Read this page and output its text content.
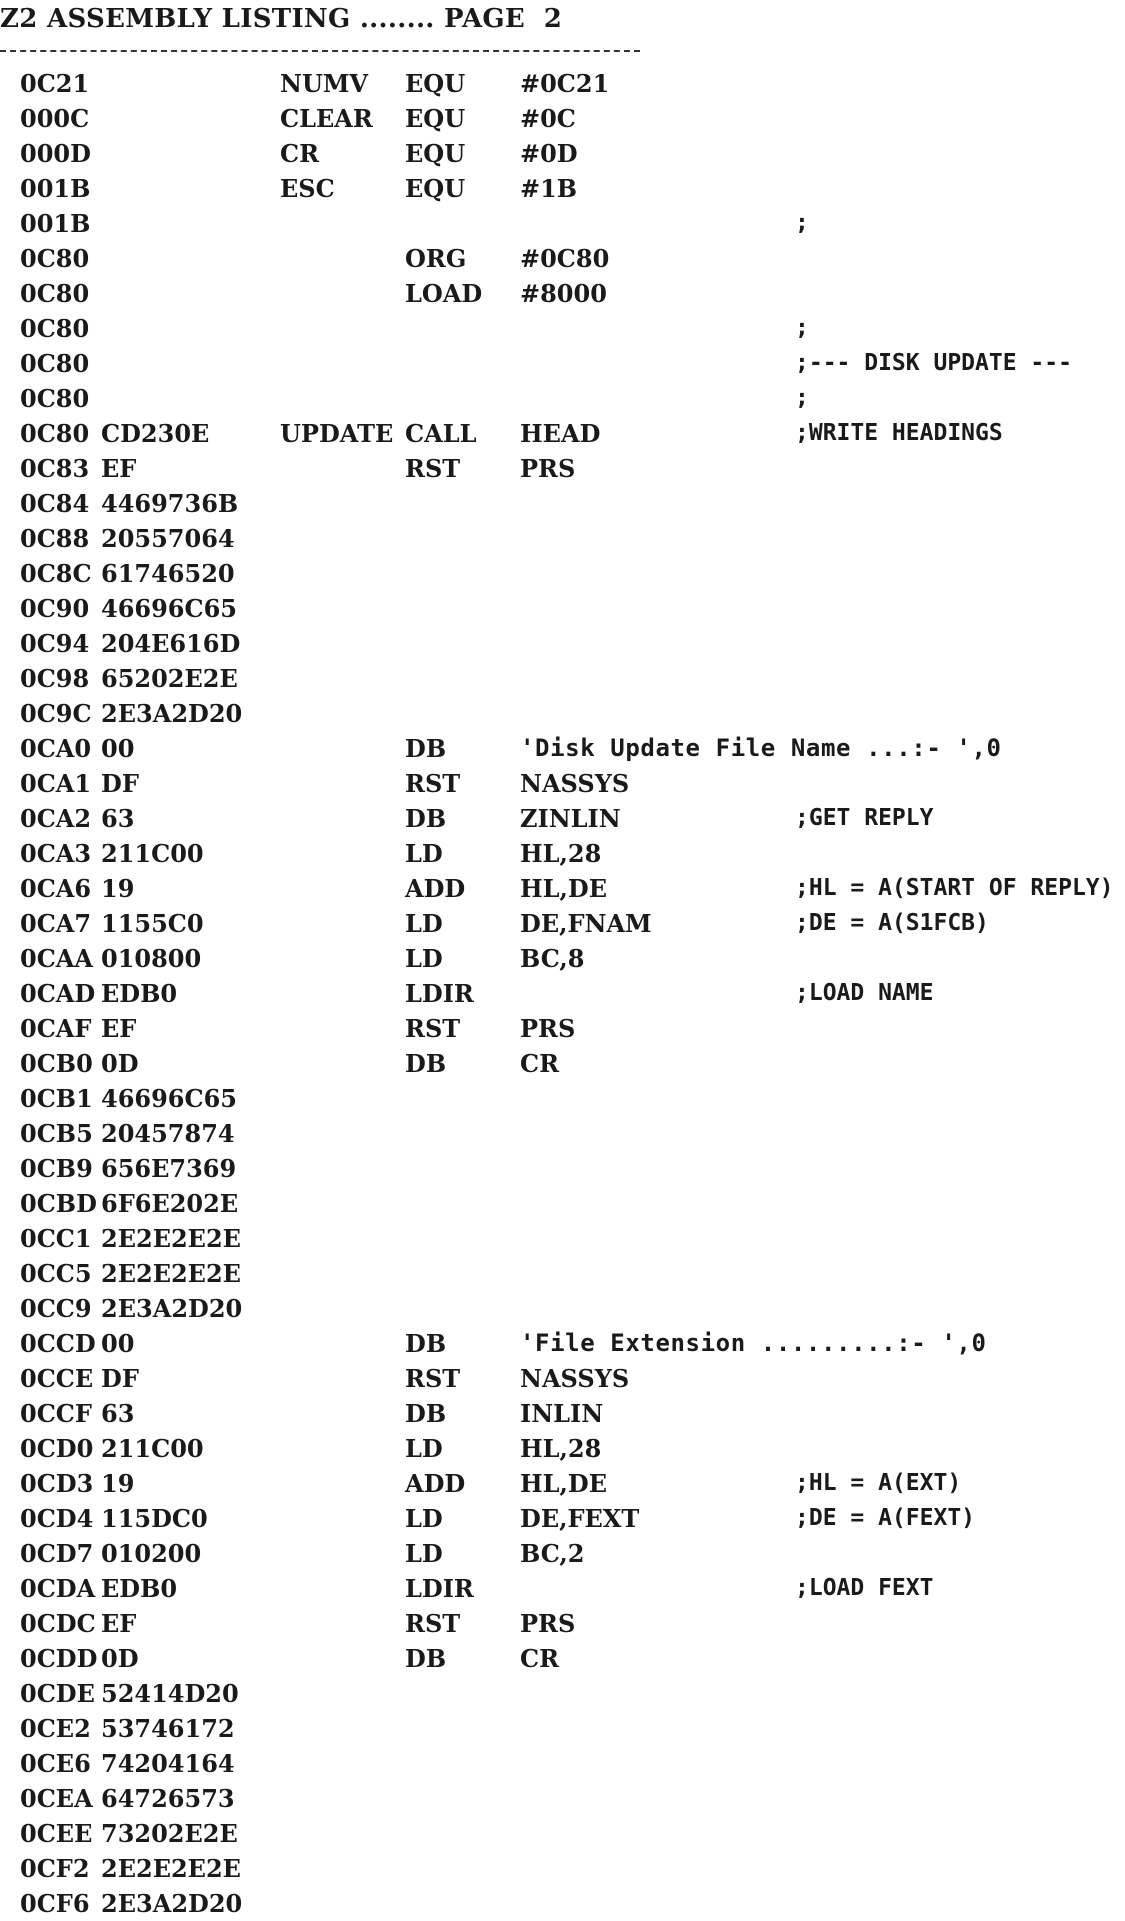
Z2 ASSEMBLY LISTING ........ PAGE  2
0C21	NUMV EQU #0C21
000C	CLEAR EQU #0C
000D	CR	EQU #0D
001B	ESC	EQU #1B
001B	;
0C80	ORG #0C80
0C80	LOAD #8000
0C80	;
0C80	;--- DISK UPDATE ---
0C80	;
0C80 CD230E	UPDATE CALL HEAD	;WRITE HEADINGS
0C83 EF	RST PRS
0C84 4469736B
0C88 20557064
0C8C 61746520
0C90 46696C65
0C94 204E616D
0C98 65202E2E
0C9C 2E3A2D20
0CA0 00	DB	'Disk Update File Name ...:- ',0
0CA1 DF	RST NASSYS
0CA2 63	DB	ZINLIN	;GET REPLY
0CA3 211C00	LD	HL,28
0CA6 19	ADD HL,DE	;HL = A(START OF REPLY)
0CA7 1155C0	LD	DE,FNAM	;DE = A(S1FCB)
0CAA 010800	LD	BC,8
0CAD EDB0	LDIR	;LOAD NAME
0CAF EF	RST PRS
0CB0 0D	DB	CR
0CB1 46696C65
0CB5 20457874
0CB9 656E7369
0CBD 6F6E202E
0CC1 2E2E2E2E
0CC5 2E2E2E2E
0CC9 2E3A2D20
0CCD 00	DB	'File Extension .........:- ',0
0CCE DF	RST NASSYS
0CCF 63	DB	INLIN
0CD0 211C00	LD	HL,28
0CD3 19	ADD HL,DE	;HL = A(EXT)
0CD4 115DC0	LD	DE,FEXT	;DE = A(FEXT)
0CD7 010200	LD	BC,2
0CDA EDB0	LDIR	;LOAD FEXT
0CDC EF	RST PRS
0CDD 0D	DB	CR
0CDE 52414D20
0CE2 53746172
0CE6 74204164
0CEA 64726573
0CEE 73202E2E
0CF2 2E2E2E2E
0CF6 2E3A2D20
